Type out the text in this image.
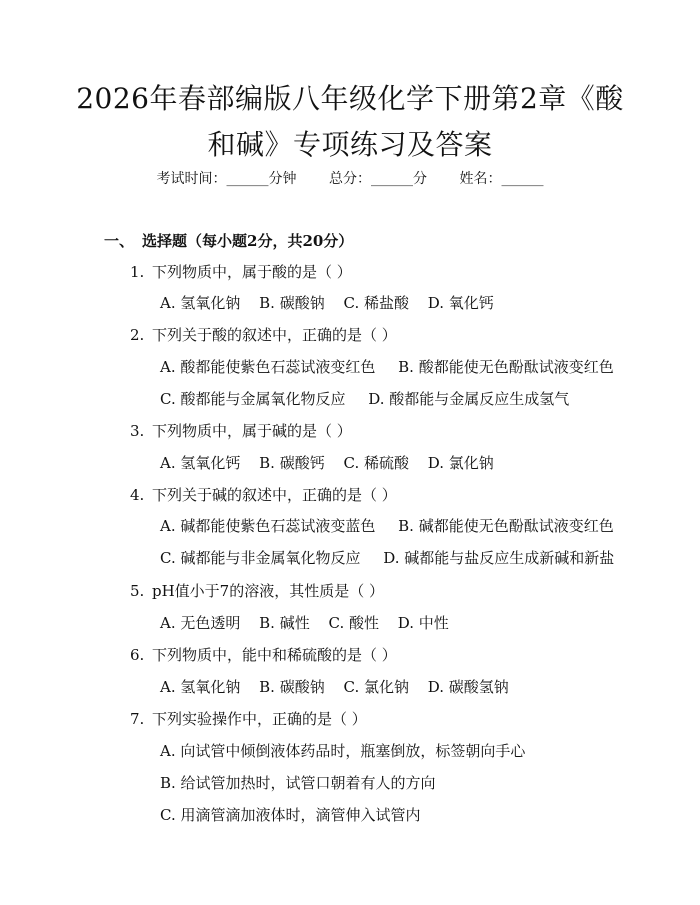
2026年春部编版八年级化学下册第2章《酸
和碱》专项练习及答案
考试时间：______分钟 总分：______分 姓名：______
一、 选择题（每小题2分，共20分）
1. 下列物质中，属于酸的是（ ）
A. 氢氧化钠 B. 碳酸钠 C. 稀盐酸 D. 氧化钙
2. 下列关于酸的叙述中，正确的是（ ）
A. 酸都能使紫色石蕊试液变红色 B. 酸都能使无色酚酞试液变红色
C. 酸都能与金属氧化物反应 D. 酸都能与金属反应生成氢气
3. 下列物质中，属于碱的是（ ）
A. 氢氧化钙 B. 碳酸钙 C. 稀硫酸 D. 氯化钠
4. 下列关于碱的叙述中，正确的是（ ）
A. 碱都能使紫色石蕊试液变蓝色 B. 碱都能使无色酚酞试液变红色
C. 碱都能与非金属氧化物反应 D. 碱都能与盐反应生成新碱和新盐
5. pH值小于7的溶液，其性质是（ ）
A. 无色透明 B. 碱性 C. 酸性 D. 中性
6. 下列物质中，能中和稀硫酸的是（ ）
A. 氢氧化钠 B. 碳酸钠 C. 氯化钠 D. 碳酸氢钠
7. 下列实验操作中，正确的是（ ）
A. 向试管中倾倒液体药品时，瓶塞倒放，标签朝向手心
B. 给试管加热时，试管口朝着有人的方向
C. 用滴管滴加液体时，滴管伸入试管内
